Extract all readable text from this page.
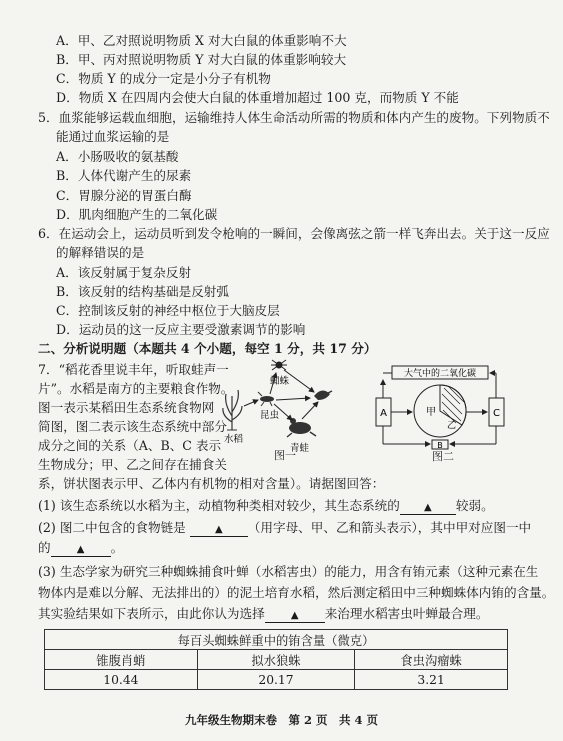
A．甲、乙对照说明物质 X 对大白鼠的体重影响不大
B．甲、丙对照说明物质 Y 对大白鼠的体重影响较大
C．物质 Y 的成分一定是小分子有机物
D．物质 X 在四周内会使大白鼠的体重增加超过 100 克，而物质 Y 不能
5．血浆能够运载血细胞，运输维持人体生命活动所需的物质和体内产生的废物。下列物质不
能通过血浆运输的是
A．小肠吸收的氨基酸
B．人体代谢产生的尿素
C．胃腺分泌的胃蛋白酶
D．肌肉细胞产生的二氧化碳
6．在运动会上，运动员听到发令枪响的一瞬间，会像离弦之箭一样飞奔出去。关于这一反应
的解释错误的是
A．该反射属于复杂反射
B．该反射的结构基础是反射弧
C．控制该反射的神经中枢位于大脑皮层
D．运动员的这一反应主要受激素调节的影响
二、分析说明题（本题共 4 个小题，每空 1 分，共 17 分）
7．“稻花香里说丰年，听取蛙声一
片”。水稻是南方的主要粮食作物。
图一表示某稻田生态系统食物网
简图，图二表示该生态系统中部分
成分之间的关系（A、B、C 表示
生物成分；甲、乙之间存在捕食关
蜘蛛
昆虫
水稻
青蛙
图一
大气中的二氧化碳
A	甲
乙
B
C
图二
系，饼状图表示甲、乙体内有机物的相对含量）。请据图回答：
(1) 该生态系统以水稻为主，动植物种类相对较少，其生态系统的 ▲ 较弱。
(2) 图二中包含的食物链是	▲ （用字母、甲、乙和箭头表示），其中甲对应图一中
的	▲ 。
(3) 生态学家为研究三种蜘蛛捕食叶蝉（水稻害虫）的能力，用含有铕元素（这种元素在生
物体内是难以分解、无法排出的）的泥土培育水稻，然后测定稻田中三种蜘蛛体内铕的含量。
其实验结果如下表所示，由此你认为选择	▲ 来治理水稻害虫叶蝉最合理。
每百头蜘蛛鲜重中的铕含量（微克）		
锥腹肖蛸	拟水狼蛛	食虫沟瘤蛛
10.44	20.17	3.21
九年级生物期末卷　第 2 页　共 4 页
